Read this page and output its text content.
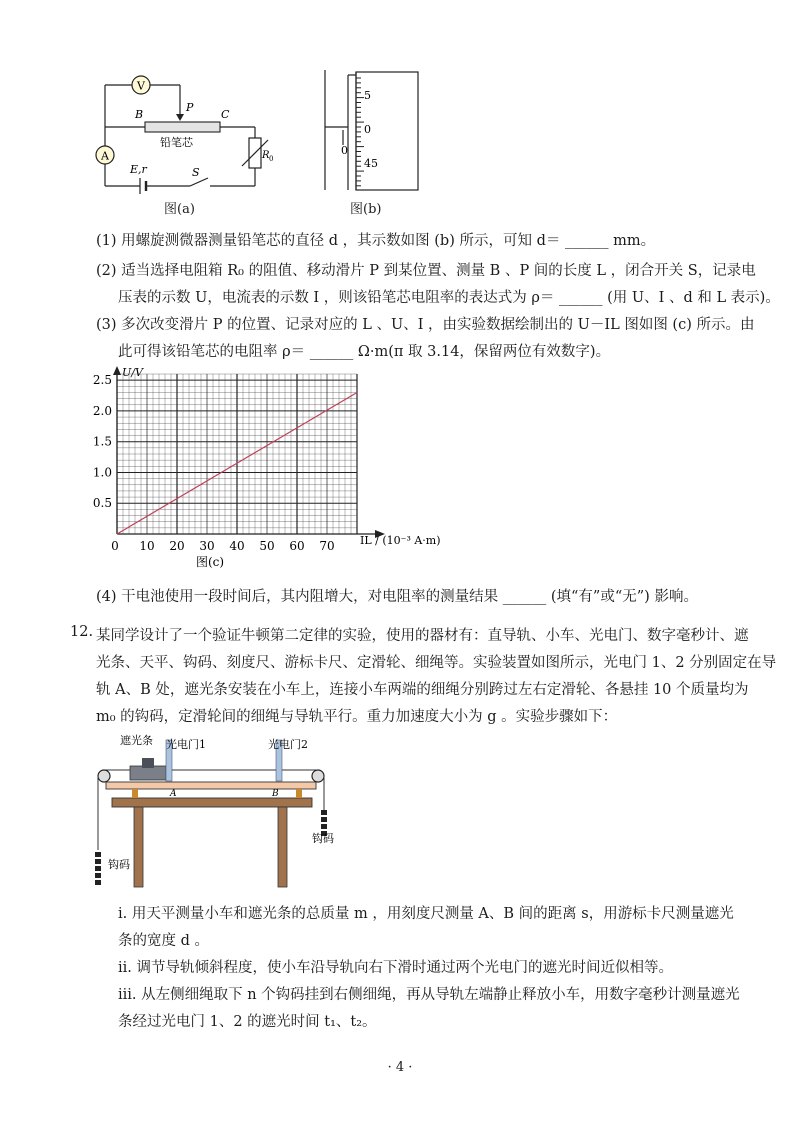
V
A
B
P
C
铅笔芯
R 0
E,r	S
图(a)
5
0
45
0
图(b)
(1) 用螺旋测微器测量铅笔芯的直径 d ，其示数如图 (b) 所示，可知 d＝ ______ mm。
(2) 适当选择电阻箱 R₀ 的阻值、移动滑片 P 到某位置、测量 B 、P 间的长度 L ，闭合开关 S，记录电
压表的示数 U，电流表的示数 I ，则该铅笔芯电阻率的表达式为 ρ＝ ______ (用 U、I 、d 和 L 表示)。
(3) 多次改变滑片 P 的位置、记录对应的 L 、U、I ，由实验数据绘制出的 U－IL 图如图 (c) 所示。由
此可得该铅笔芯的电阻率 ρ＝ ______ Ω·m(π 取 3.14，保留两位有效数字)。
0 10 20 30 40 50 60 70
0.5
1.0
1.5
2.0
2.5
U/V
IL / (10⁻³ A·m)
图(c)
(4) 干电池使用一段时间后，其内阻增大，对电阻率的测量结果 ______ (填“有”或“无”) 影响。
12. 某同学设计了一个验证牛顿第二定律的实验，使用的器材有：直导轨、小车、光电门、数字毫秒计、遮
光条、天平、钩码、刻度尺、游标卡尺、定滑轮、细绳等。实验装置如图所示，光电门 1、2 分别固定在导
轨 A、B 处，遮光条安装在小车上，连接小车两端的细绳分别跨过左右定滑轮、各悬挂 10 个质量均为
m₀ 的钩码，定滑轮间的细绳与导轨平行。重力加速度大小为 g 。实验步骤如下：
遮光条 光电门1	光电门2
A	B
钩码
钩码
ⅰ. 用天平测量小车和遮光条的总质量 m ，用刻度尺测量 A、B 间的距离 s，用游标卡尺测量遮光
条的宽度 d 。
ⅱ. 调节导轨倾斜程度，使小车沿导轨向右下滑时通过两个光电门的遮光时间近似相等。
ⅲ. 从左侧细绳取下 n 个钩码挂到右侧细绳，再从导轨左端静止释放小车，用数字毫秒计测量遮光
条经过光电门 1、2 的遮光时间 t₁、t₂。
· 4 ·
